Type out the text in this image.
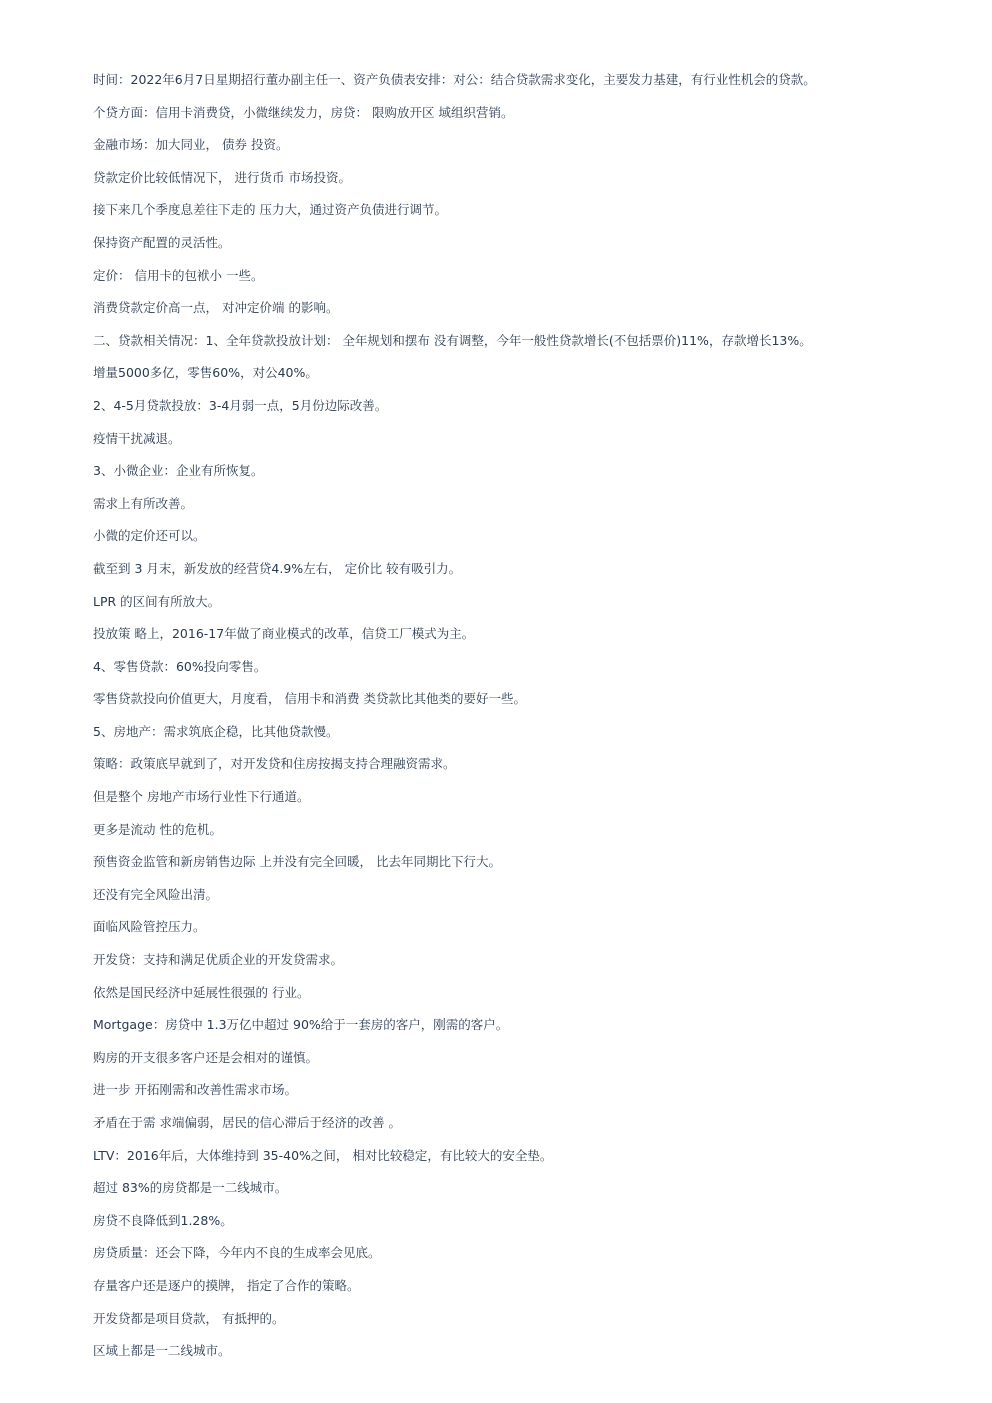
时间：2022年6月7日星期招行董办副主任一、资产负债表安排：对公：结合贷款需求变化，主要发力基建，有行业性机会的贷款。
个贷方面：信用卡消费贷，小微继续发力，房贷： 限购放开区 域组织营销。
金融市场：加大同业， 债券 投资。
贷款定价比较低情况下， 进行货币 市场投资。
接下来几个季度息差往下走的 压力大，通过资产负债进行调节。
保持资产配置的灵活性。
定价： 信用卡的包袱小 一些。
消费贷款定价高一点， 对冲定价端 的影响。
二、贷款相关情况：1、全年贷款投放计划： 全年规划和摆布 没有调整，今年一般性贷款增长(不包括票价)11%，存款增长13%。
增量5000多亿，零售60%，对公40%。
2、4-5月贷款投放：3-4月弱一点，5月份边际改善。
疫情干扰减退。
3、小微企业：企业有所恢复。
需求上有所改善。
小微的定价还可以。
截至到 3 月末，新发放的经营贷4.9%左右， 定价比 较有吸引力。
LPR 的区间有所放大。
投放策 略上，2016-17年做了商业模式的改革，信贷工厂模式为主。
4、零售贷款：60%投向零售。
零售贷款投向价值更大，月度看， 信用卡和消费 类贷款比其他类的要好一些。
5、房地产：需求筑底企稳，比其他贷款慢。
策略：政策底早就到了，对开发贷和住房按揭支持合理融资需求。
但是整个 房地产市场行业性下行通道。
更多是流动 性的危机。
预售资金监管和新房销售边际 上并没有完全回暖， 比去年同期比下行大。
还没有完全风险出清。
面临风险管控压力。
开发贷：支持和满足优质企业的开发贷需求。
依然是国民经济中延展性很强的 行业。
Mortgage：房贷中 1.3万亿中超过 90%给于一套房的客户，刚需的客户。
购房的开支很多客户还是会相对的谨慎。
进一步 开拓刚需和改善性需求市场。
矛盾在于需 求端偏弱，居民的信心滞后于经济的改善 。
LTV：2016年后，大体维持到 35-40%之间， 相对比较稳定，有比较大的安全垫。
超过 83%的房贷都是一二线城市。
房贷不良降低到1.28%。
房贷质量：还会下降，今年内不良的生成率会见底。
存量客户还是逐户的摸牌， 指定了合作的策略。
开发贷都是项目贷款， 有抵押的。
区域上都是一二线城市。
